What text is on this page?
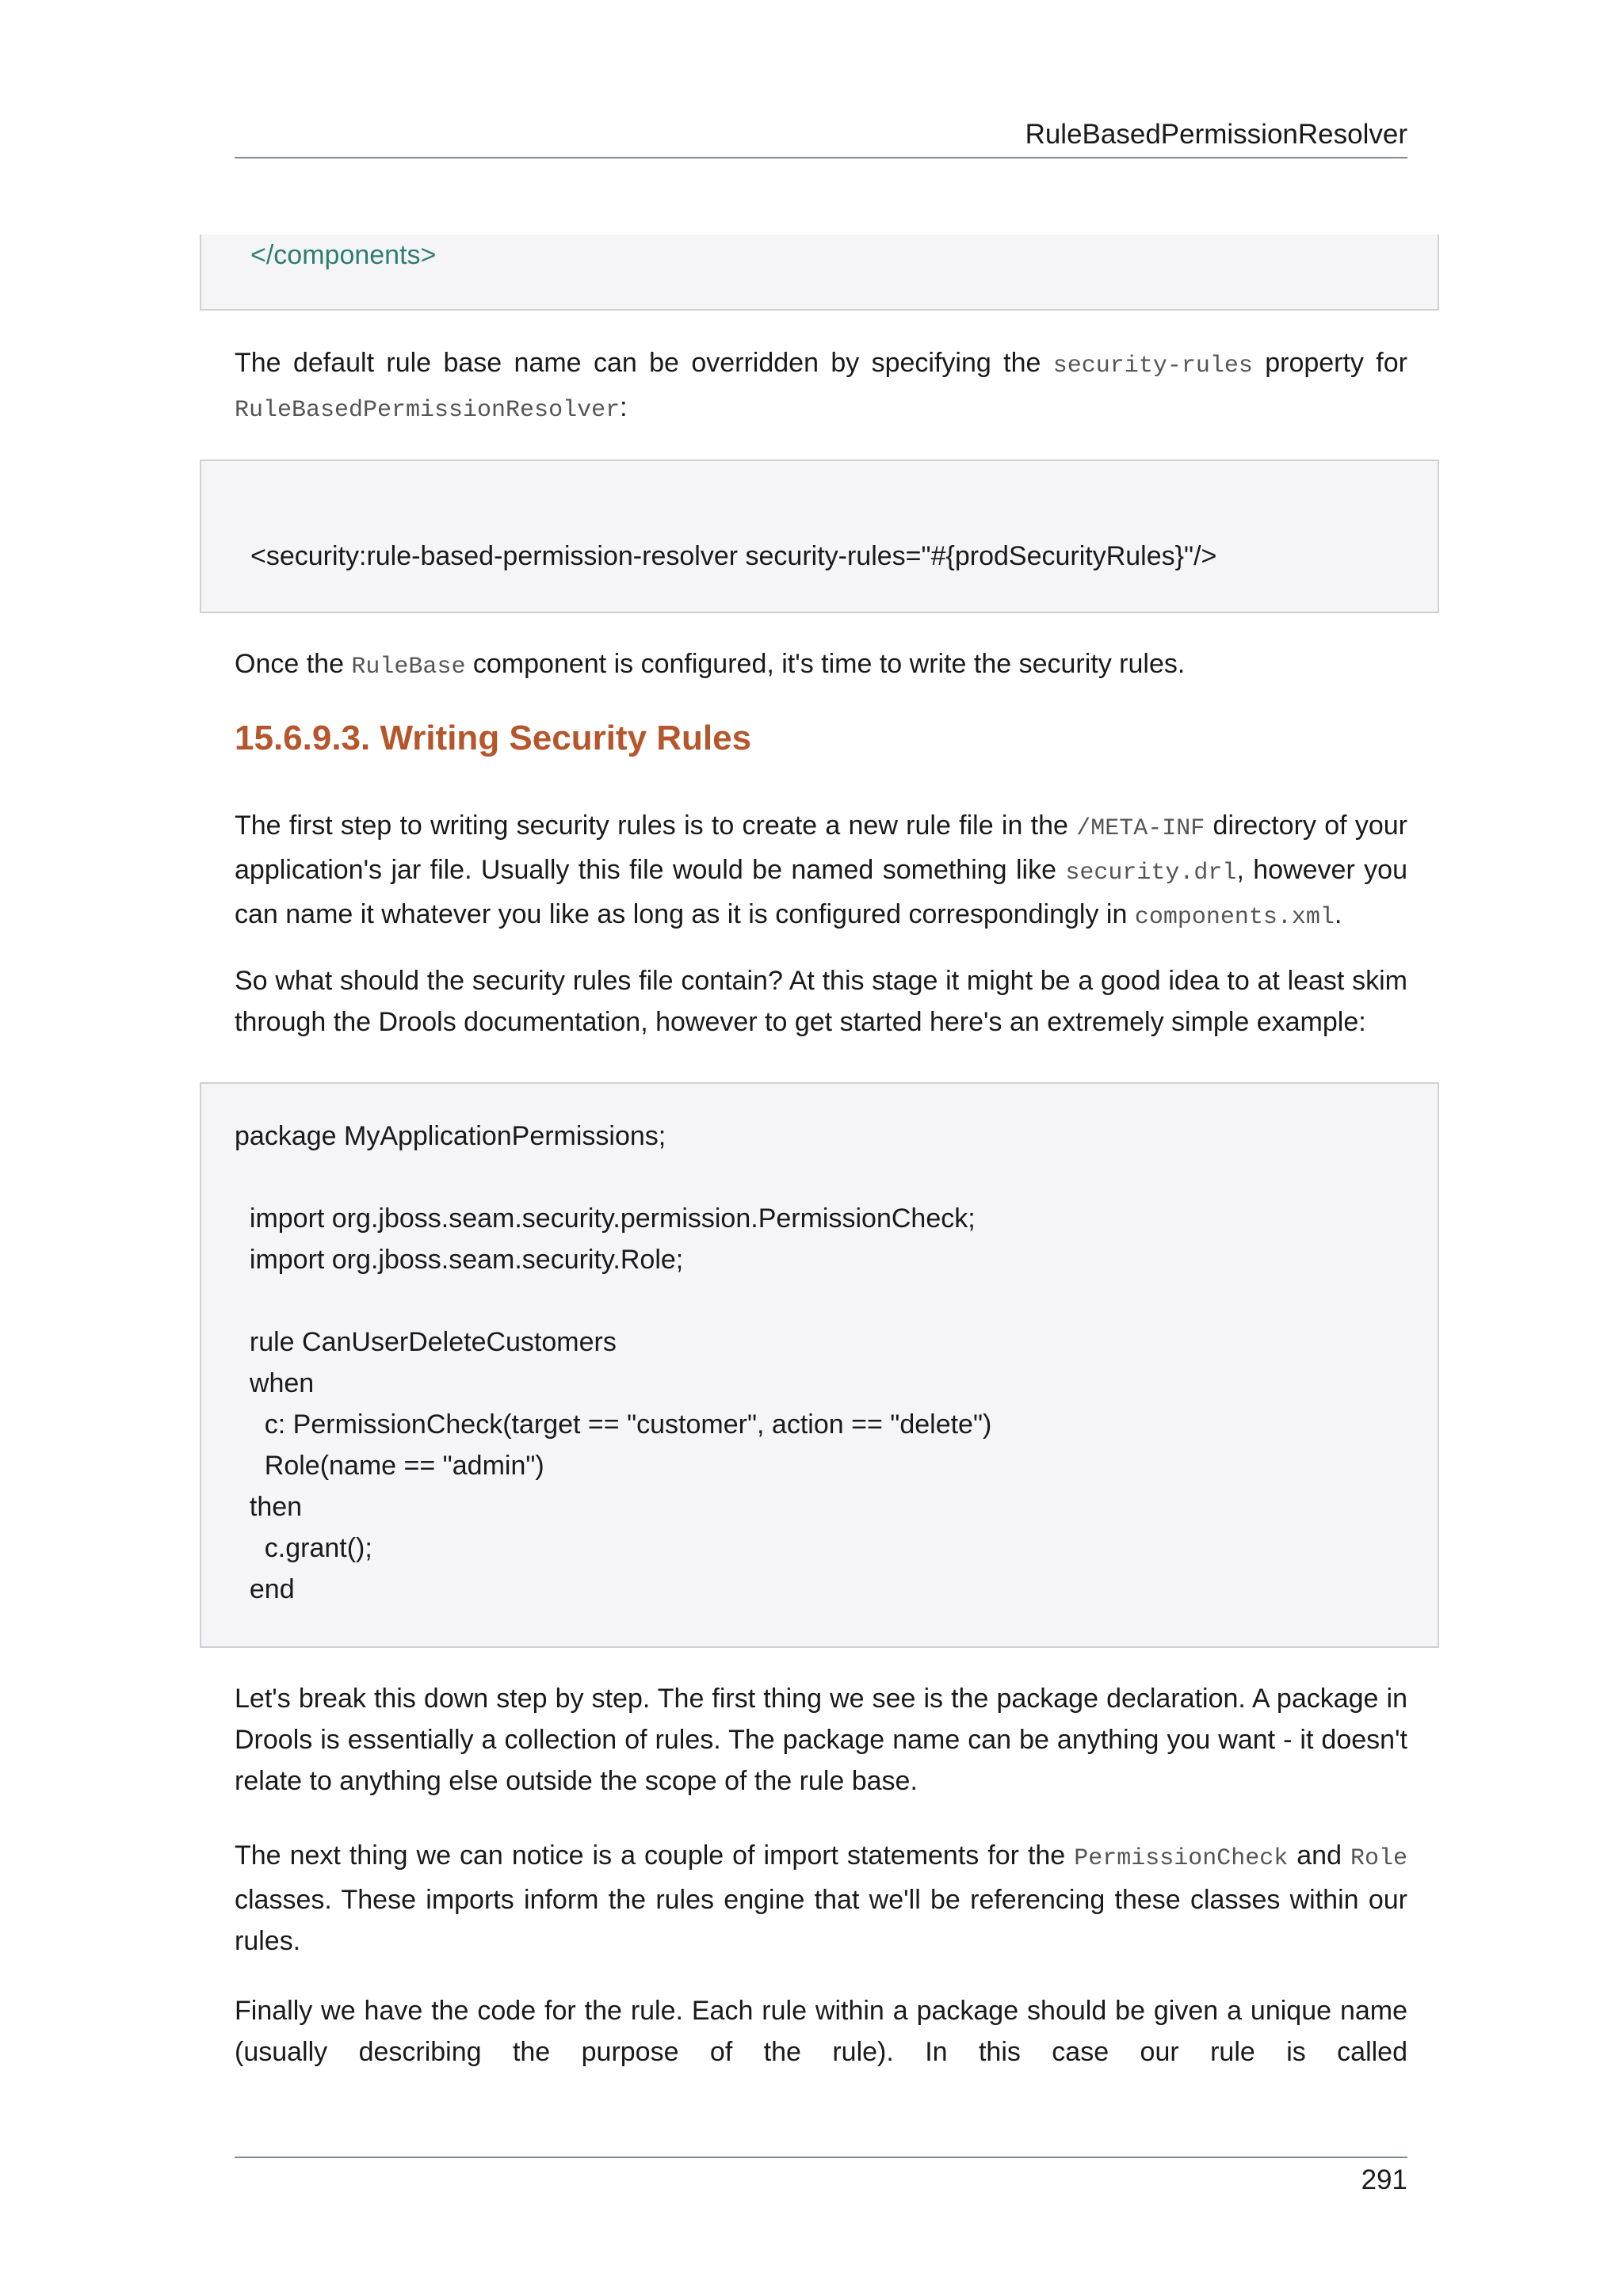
RuleBasedPermissionResolver
</components>

The default rule base name can be overridden by specifying the security-rules property for RuleBasedPermissionResolver:

<security:rule-based-permission-resolver security-rules="#{prodSecurityRules}"/>

Once the RuleBase component is configured, it's time to write the security rules.

15.6.9.3. Writing Security Rules

The first step to writing security rules is to create a new rule file in the /META-INF directory of your application's jar file. Usually this file would be named something like security.drl, however you can name it whatever you like as long as it is configured correspondingly in components.xml.

So what should the security rules file contain? At this stage it might be a good idea to at least skim through the Drools documentation, however to get started here's an extremely simple example:

package MyApplicationPermissions;
import org.jboss.seam.security.permission.PermissionCheck;
import org.jboss.seam.security.Role;
rule CanUserDeleteCustomers
when
c: PermissionCheck(target == "customer", action == "delete")
Role(name == "admin")
then
c.grant();
end

Let's break this down step by step. The first thing we see is the package declaration. A package in Drools is essentially a collection of rules. The package name can be anything you want - it doesn't relate to anything else outside the scope of the rule base.

The next thing we can notice is a couple of import statements for the PermissionCheck and Role classes. These imports inform the rules engine that we'll be referencing these classes within our rules.

Finally we have the code for the rule. Each rule within a package should be given a unique name (usually describing the purpose of the rule). In this case our rule is called

291
